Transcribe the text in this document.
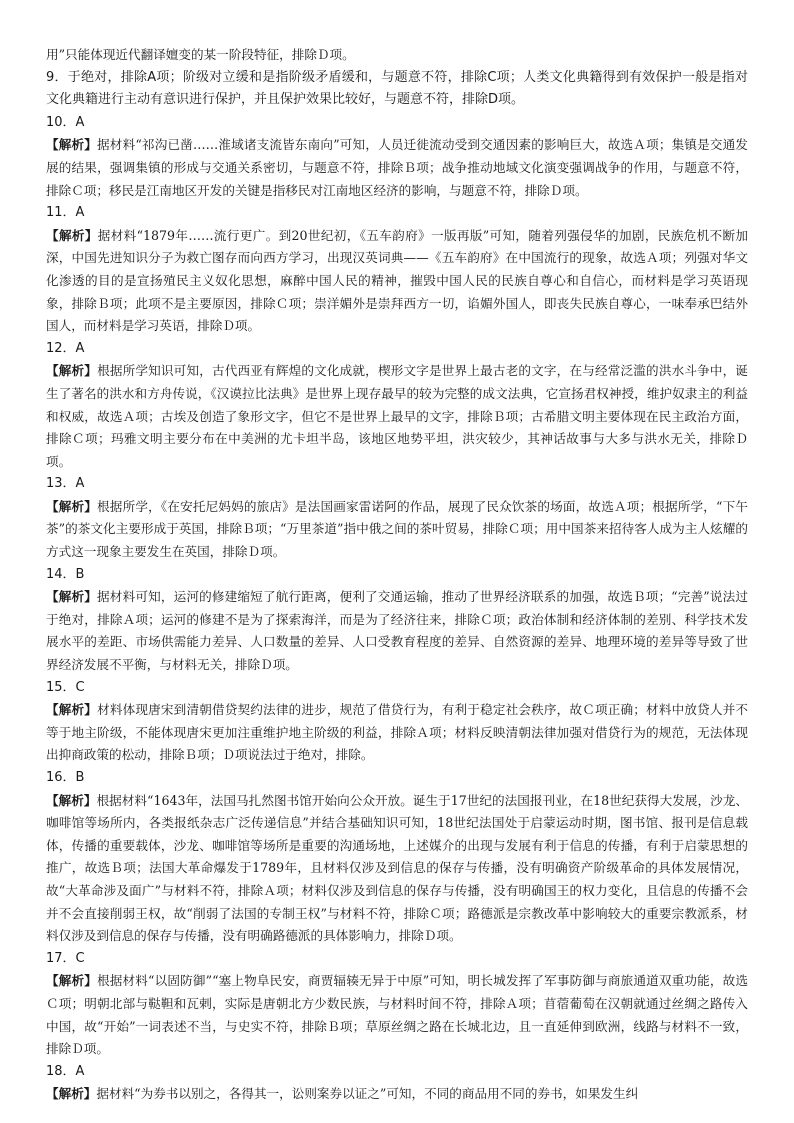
用”只能体现近代翻译嬗变的某一阶段特征，排除Ｄ项。

9．于绝对，排除A项；阶级对立缓和是指阶级矛盾缓和，与题意不符，排除C项；人类文化典籍得到有效保护一般是指对文化典籍进行主动有意识进行保护，并且保护效果比较好，与题意不符，排除D项。

10．A

【解析】据材料“祁沟已凿……淮域诸支流皆东南向”可知，人员迁徙流动受到交通因素的影响巨大，故选Ａ项；集镇是交通发展的结果，强调集镇的形成与交通关系密切，与题意不符，排除Ｂ项；战争推动地域文化演变强调战争的作用，与题意不符，排除Ｃ项；移民是江南地区开发的关键是指移民对江南地区经济的影响，与题意不符，排除Ｄ项。

11．A

【解析】据材料“1879年……流行更广。到20世纪初，《五车韵府》一版再版”可知，随着列强侵华的加剧，民族危机不断加深，中国先进知识分子为救亡图存而向西方学习，出现汉英词典——《五车韵府》在中国流行的现象，故选Ａ项；列强对华文化渗透的目的是宣扬殖民主义奴化思想，麻醉中国人民的精神，摧毁中国人民的民族自尊心和自信心，而材料是学习英语现象，排除Ｂ项；此项不是主要原因，排除Ｃ项；崇洋媚外是崇拜西方一切，谄媚外国人，即丧失民族自尊心，一味奉承巴结外国人，而材料是学习英语，排除Ｄ项。

12．A

【解析】根据所学知识可知，古代西亚有辉煌的文化成就，楔形文字是世界上最古老的文字，在与经常泛滥的洪水斗争中，诞生了著名的洪水和方舟传说，《汉谟拉比法典》是世界上现存最早的较为完整的成文法典，它宣扬君权神授，维护奴隶主的利益和权威，故选Ａ项；古埃及创造了象形文字，但它不是世界上最早的文字，排除Ｂ项；古希腊文明主要体现在民主政治方面，排除Ｃ项；玛雅文明主要分布在中美洲的尤卡坦半岛，该地区地势平坦，洪灾较少，其神话故事与大多与洪水无关，排除Ｄ项。

13．A

【解析】根据所学，《在安托尼妈妈的旅店》是法国画家雷诺阿的作品，展现了民众饮茶的场面，故选Ａ项；根据所学，“下午茶”的茶文化主要形成于英国，排除Ｂ项；“万里茶道”指中俄之间的茶叶贸易，排除Ｃ项；用中国茶来招待客人成为主人炫耀的方式这一现象主要发生在英国，排除Ｄ项。

14．B

【解析】据材料可知，运河的修建缩短了航行距离，便利了交通运输，推动了世界经济联系的加强，故选Ｂ项；“完善”说法过于绝对，排除Ａ项；运河的修建不是为了探索海洋，而是为了经济往来，排除Ｃ项；政治体制和经济体制的差别、科学技术发展水平的差距、市场供需能力差异、人口数量的差异、人口受教育程度的差异、自然资源的差异、地理环境的差异等导致了世界经济发展不平衡，与材料无关，排除Ｄ项。

15．C

【解析】材料体现唐宋到清朝借贷契约法律的进步，规范了借贷行为，有利于稳定社会秩序，故Ｃ项正确；材料中放贷人并不等于地主阶级，不能体现唐宋更加注重维护地主阶级的利益，排除Ａ项；材料反映清朝法律加强对借贷行为的规范，无法体现出抑商政策的松动，排除Ｂ项；Ｄ项说法过于绝对，排除。

16．B

【解析】根据材料“1643年，法国马扎然图书馆开始向公众开放。诞生于17世纪的法国报刊业，在18世纪获得大发展，沙龙、咖啡馆等场所内，各类报纸杂志广泛传递信息”并结合基础知识可知，18世纪法国处于启蒙运动时期，图书馆、报刊是信息载体，传播的重要载体，沙龙、咖啡馆等场所是重要的沟通场地，上述媒介的出现与发展有利于信息的传播，有利于启蒙思想的推广，故选Ｂ项；法国大革命爆发于1789年，且材料仅涉及到信息的保存与传播，没有明确资产阶级革命的具体发展情况，故“大革命涉及面广”与材料不符，排除Ａ项；材料仅涉及到信息的保存与传播，没有明确国王的权力变化，且信息的传播不会并不会直接削弱王权，故“削弱了法国的专制王权”与材料不符，排除Ｃ项；路德派是宗教改革中影响较大的重要宗教派系，材料仅涉及到信息的保存与传播，没有明确路德派的具体影响力，排除Ｄ项。

17．C

【解析】根据材料“以固防御”“塞上物阜民安，商贾辐辏无异于中原”可知，明长城发挥了军事防御与商旅通道双重功能，故选Ｃ项；明朝北部与鞑靼和瓦剌，实际是唐朝北方少数民族，与材料时间不符，排除Ａ项；苜蓿葡萄在汉朝就通过丝绸之路传入中国，故“开始”一词表述不当，与史实不符，排除Ｂ项；草原丝绸之路在长城北边，且一直延伸到欧洲，线路与材料不一致，排除Ｄ项。

18．A

【解析】据材料“为券书以别之，各得其一，讼则案券以证之”可知，不同的商品用不同的券书，如果发生纠
